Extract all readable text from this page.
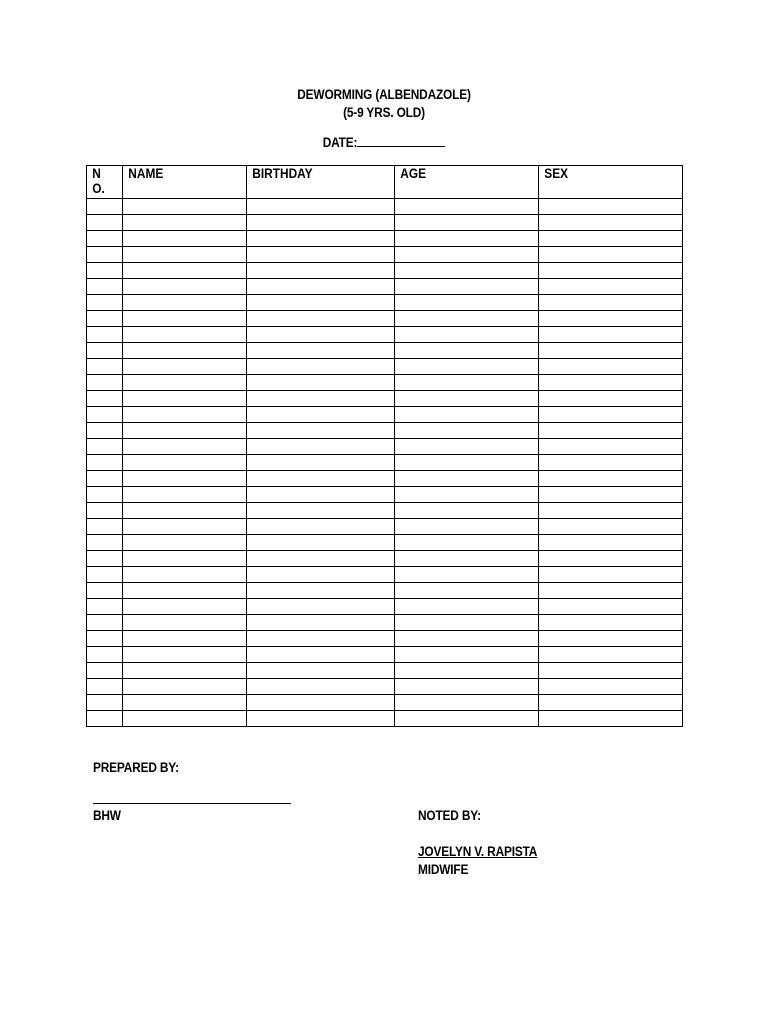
DEWORMING (ALBENDAZOLE)
(5-9 YRS. OLD)
DATE:
NO.	NAME	BIRTHDAY	AGE	SEX

PREPARED BY:
BHW	NOTED BY:
JOVELYN V. RAPISTA
MIDWIFE
